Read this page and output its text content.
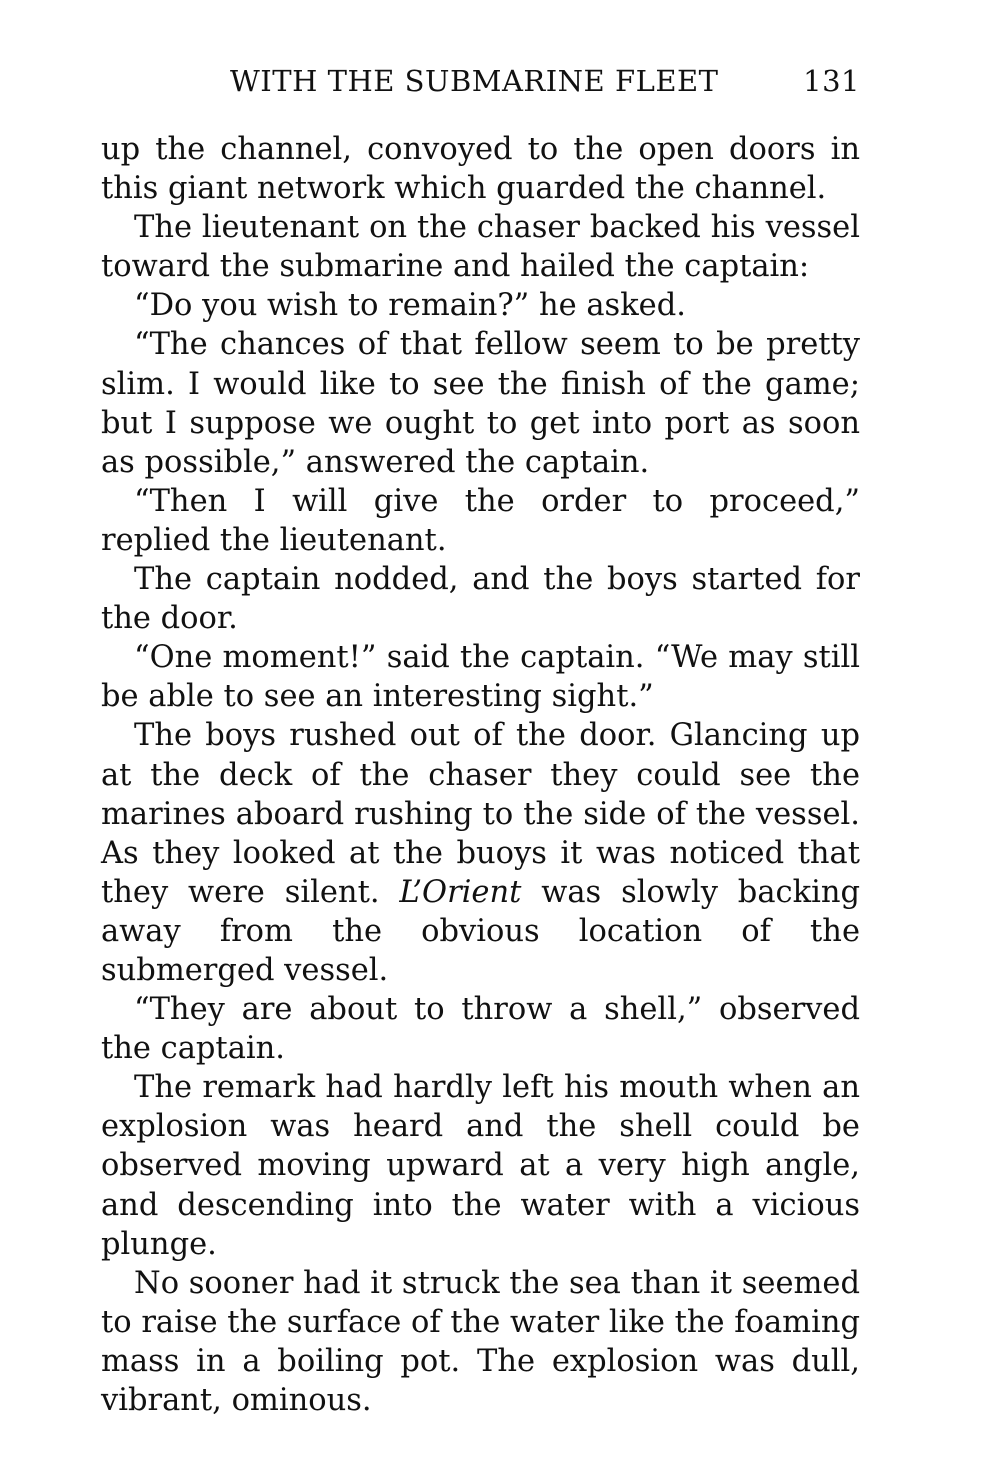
WITH THE SUBMARINE FLEET	131

up the channel, convoyed to the open doors in this giant network which guarded the channel.

The lieutenant on the chaser backed his vessel toward the submarine and hailed the captain:

“Do you wish to remain?” he asked.

“The chances of that fellow seem to be pretty slim. I would like to see the finish of the game; but I suppose we ought to get into port as soon as possible,” answered the captain.

“Then I will give the order to proceed,” replied the lieutenant.

The captain nodded, and the boys started for the door.

“One moment!” said the captain. “We may still be able to see an interesting sight.”

The boys rushed out of the door. Glancing up at the deck of the chaser they could see the marines aboard rushing to the side of the vessel. As they looked at the buoys it was noticed that they were silent. L’Orient was slowly backing away from the obvious location of the submerged vessel.

“They are about to throw a shell,” observed the captain.

The remark had hardly left his mouth when an explosion was heard and the shell could be observed moving upward at a very high angle, and descending into the water with a vicious plunge.

No sooner had it struck the sea than it seemed to raise the surface of the water like the foaming mass in a boiling pot. The explosion was dull, vibrant, ominous.
